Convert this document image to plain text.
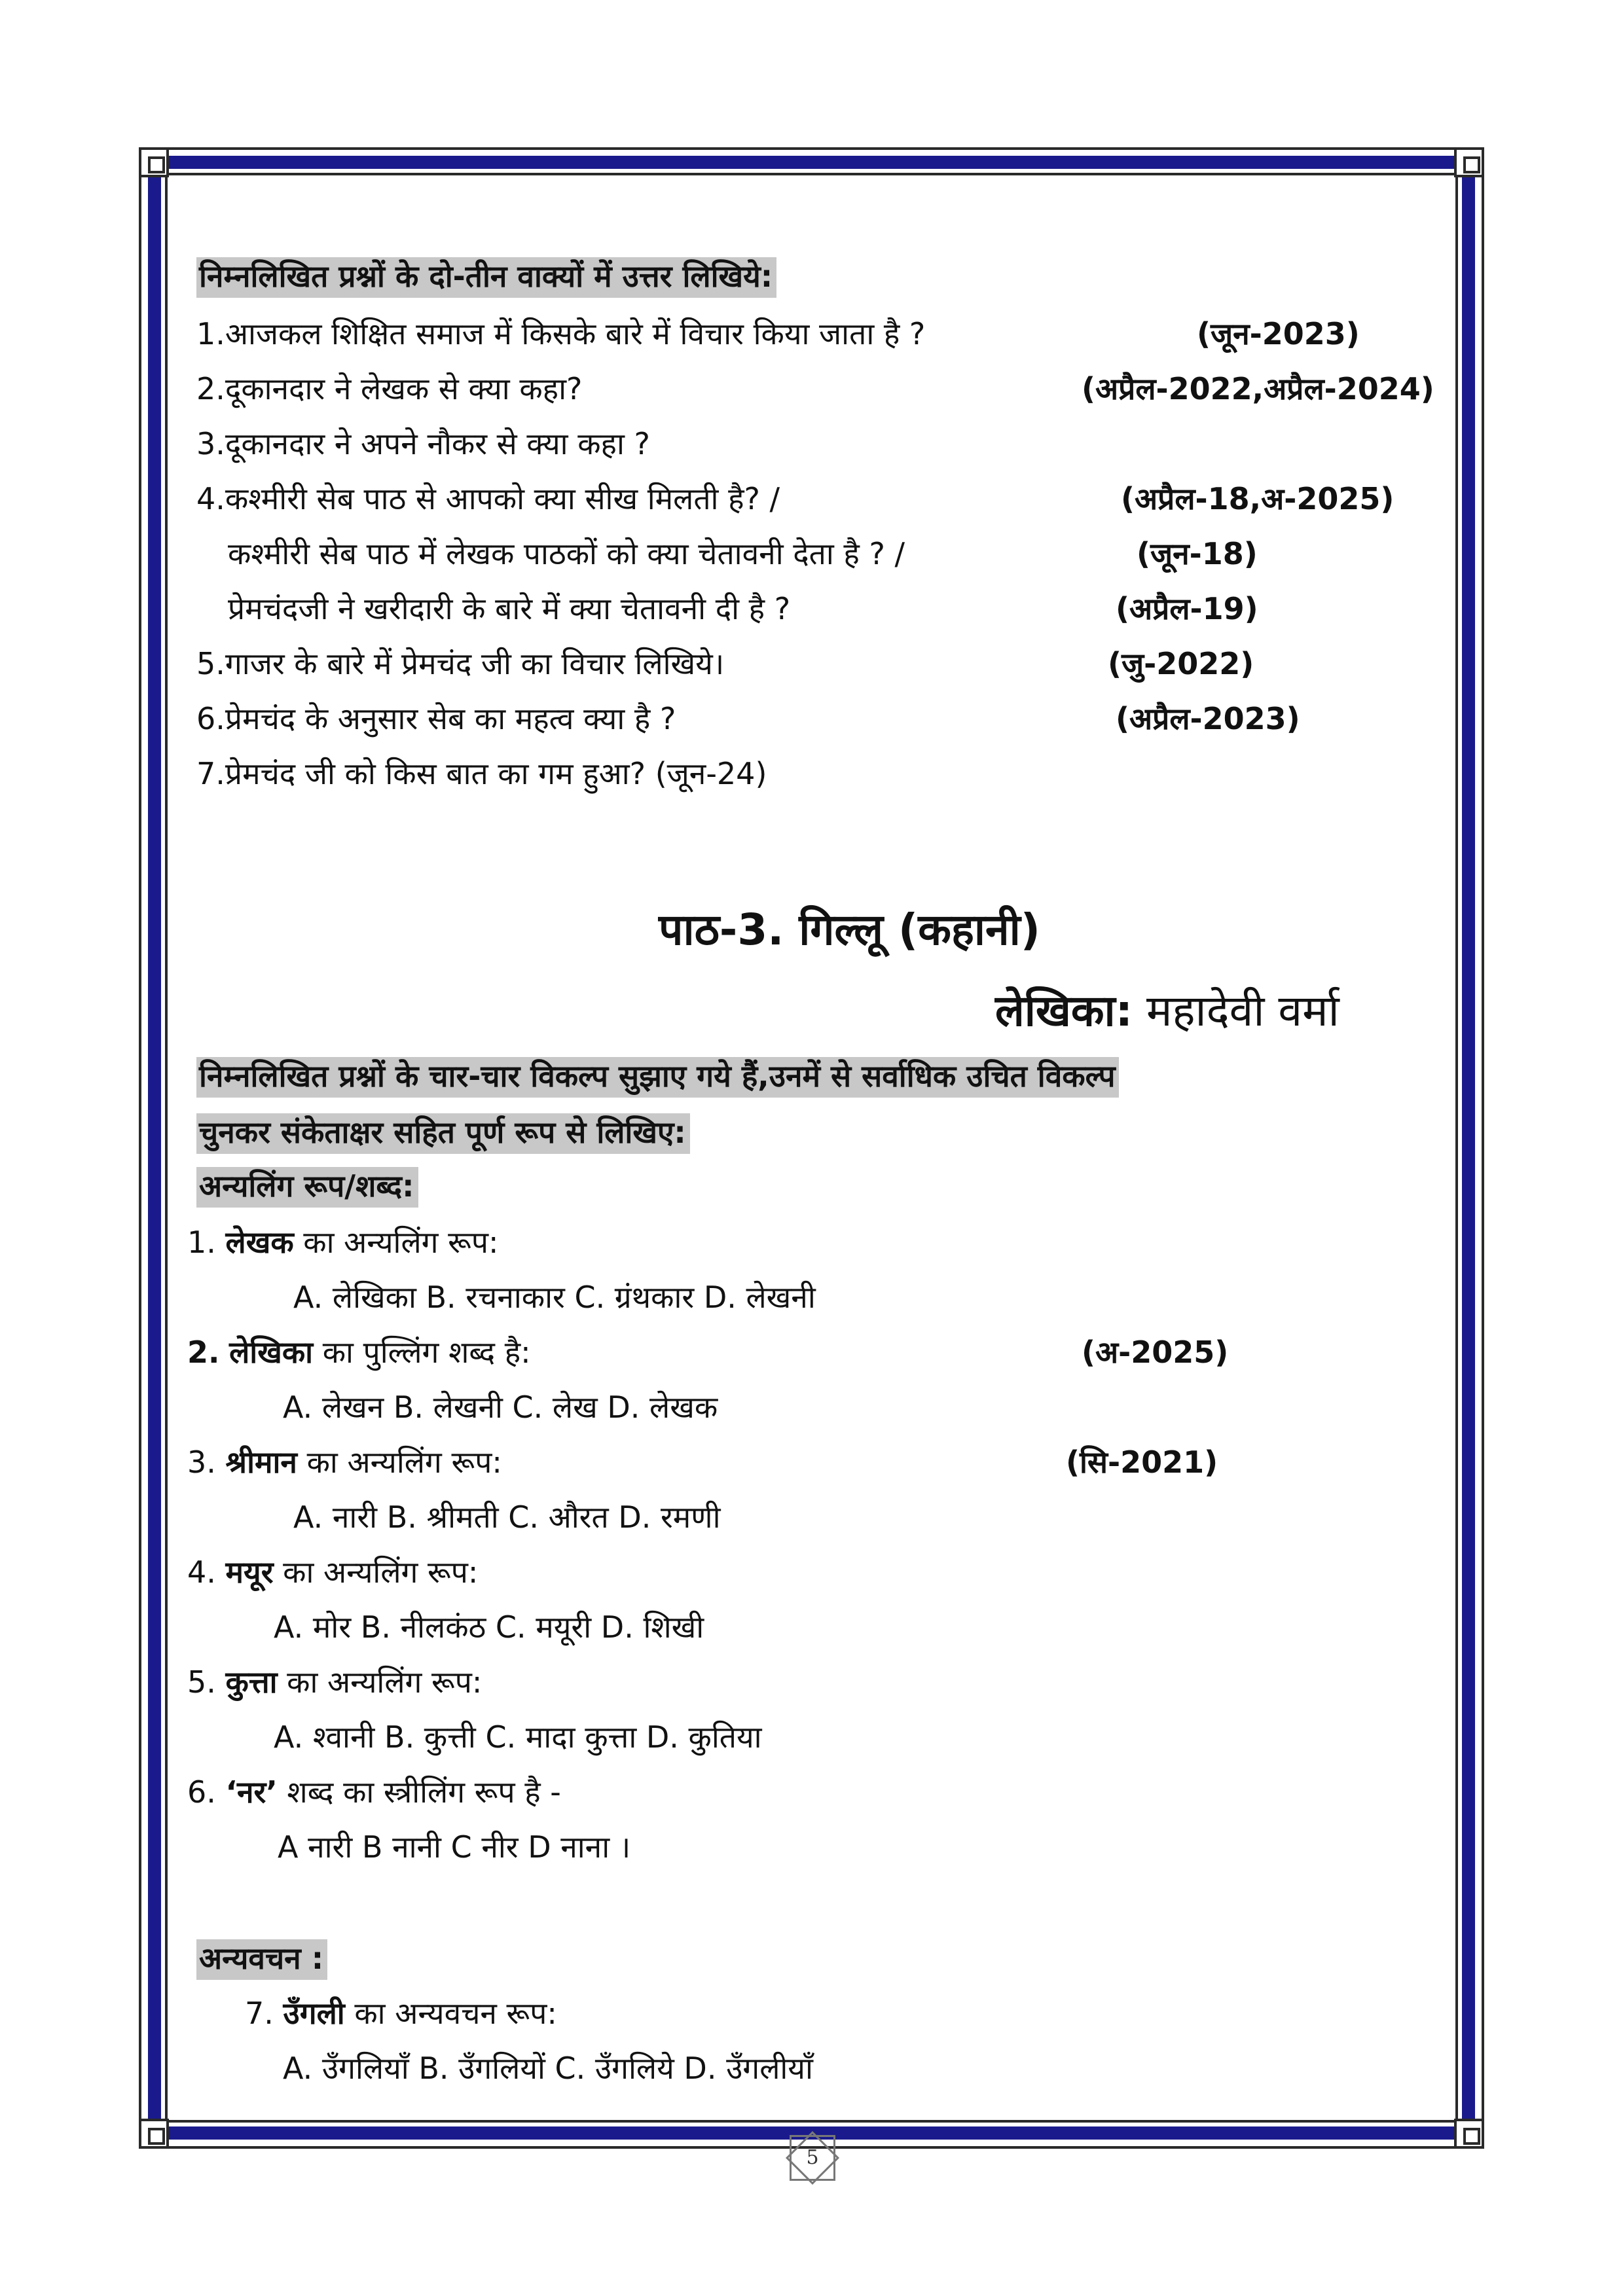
निम्नलिखित प्रश्नों के दो-तीन वाक्यों में उत्तर लिखिये:
1.आजकल शिक्षित समाज में किसके बारे में विचार किया जाता है ?	(जून-2023)
2.दूकानदार ने लेखक से क्या कहा?	(अप्रैल-2022,अप्रैल-2024)
3.दूकानदार ने अपने नौकर से क्या कहा ?
4.कश्मीरी सेब पाठ से आपको क्या सीख मिलती है? /	(अप्रैल-18,अ-2025)
कश्मीरी सेब पाठ में लेखक पाठकों को क्या चेतावनी देता है ? /	(जून-18)
प्रेमचंदजी ने खरीदारी के बारे में क्या चेतावनी दी है ?	(अप्रैल-19)
5.गाजर के बारे में प्रेमचंद जी का विचार लिखिये।	(जु-2022)
6.प्रेमचंद के अनुसार सेब का महत्व क्या है ?	(अप्रैल-2023)
7.प्रेमचंद जी को किस बात का गम हुआ? (जून-24)
पाठ-3. गिल्लू (कहानी)
लेखिका: महादेवी वर्मा
निम्नलिखित प्रश्नों के चार-चार विकल्प सुझाए गये हैं,उनमें से सर्वाधिक उचित विकल्प
चुनकर संकेताक्षर सहित पूर्ण रूप से लिखिए:
अन्यलिंग रूप/शब्द:
1. लेखक का अन्यलिंग रूप:
A. लेखिका B. रचनाकार C. ग्रंथकार D. लेखनी
2. लेखिका का पुल्लिंग शब्द है:	(अ-2025)
A. लेखन B. लेखनी C. लेख D. लेखक
3. श्रीमान का अन्यलिंग रूप:	(सि-2021)
A. नारी B. श्रीमती C. औरत D. रमणी
4. मयूर का अन्यलिंग रूप:
A. मोर B. नीलकंठ C. मयूरी D. शिखी
5. कुत्ता का अन्यलिंग रूप:
A. श्वानी B. कुत्ती C. मादा कुत्ता D. कुतिया
6. ‘नर’ शब्द का स्त्रीलिंग रूप है -
A नारी B नानी C नीर D नाना ।
अन्यवचन :
7. उँगली का अन्यवचन रूप:
A. उँगलियाँ B. उँगलियों C. उँगलिये D. उँगलीयाँ
5
